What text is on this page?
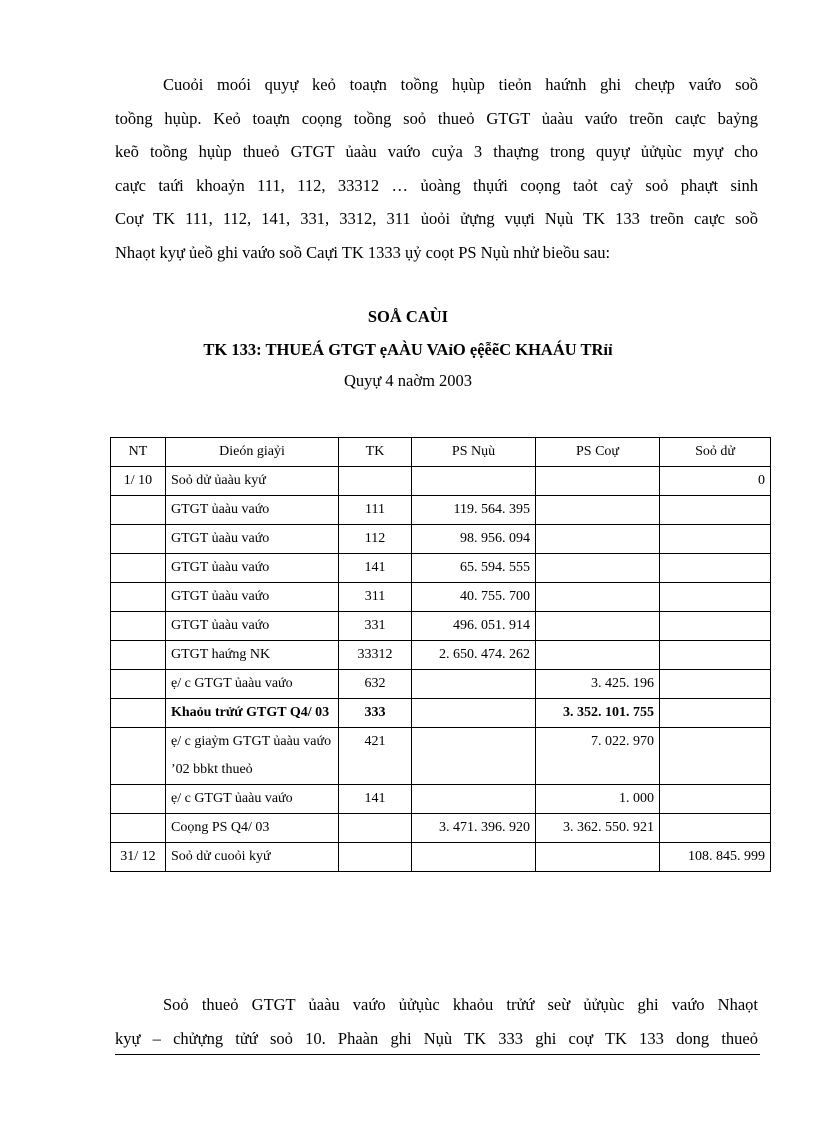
Cuoỏi moói quyự keỏ toaựn toồng hụùp tieỏn haứnh ghi cheựp vaứo soồ
toồng hụùp. Keỏ toaựn coọng toồng soỏ thueỏ GTGT ủaàu vaứo treõn caực baỷng
keõ toồng hụùp thueỏ GTGT ủaàu vaứo cuỷa 3 thaựng trong quyự ủửụùc myự cho
caực taứi khoaỷn 111, 112, 33312 … ủoàng thụứi coọng taỏt caỷ soỏ phaựt sinh
Coự TK 111, 112, 141, 331, 3312, 311 ủoỏi ửựng vụựi Nụù TK 133 treõn caực soồ
Nhaọt kyự ủeồ ghi vaứo soồ Caựi TK 1333 ụỷ coọt PS Nụù nhử bieồu sau:

SOÅ CAÙI

TK 133: THUEÁ GTGT ẹAÀU VAỉO ẹệễẽC KHAÁU TRỉỉ

Quyự 4 naờm 2003

NT	Dieón giaỷi	TK	PS Nụù	PS Coự	Soỏ dử
1/ 10	Soỏ dử ủaàu kyứ				0
	GTGT ủaàu vaứo	111	119. 564. 395		
	GTGT ủaàu vaứo	112	98. 956. 094		
	GTGT ủaàu vaứo	141	65. 594. 555		
	GTGT ủaàu vaứo	311	40. 755. 700		
	GTGT ủaàu vaứo	331	496. 051. 914		
	GTGT haứng NK	33312	2. 650. 474. 262		
	ẹ/ c GTGT ủaàu vaứo	632		3. 425. 196	
	Khaỏu trửứ GTGT Q4/ 03	333		3. 352. 101. 755	
	ẹ/ c giaỷm GTGT ủaàu vaứo ’02 bbkt thueỏ	421		7. 022. 970	
	ẹ/ c GTGT ủaàu vaứo	141		1. 000	
	Coọng PS Q4/ 03		3. 471. 396. 920	3. 362. 550. 921	
31/ 12	Soỏ dử cuoỏi kyứ				108. 845. 999
Soỏ thueỏ GTGT ủaàu vaứo ủửụùc khaỏu trửứ seừ ủửụùc ghi vaứo Nhaọt
kyự – chửựng tửứ soỏ 10. Phaàn ghi Nụù TK 333 ghi coự TK 133 dong thueỏ
